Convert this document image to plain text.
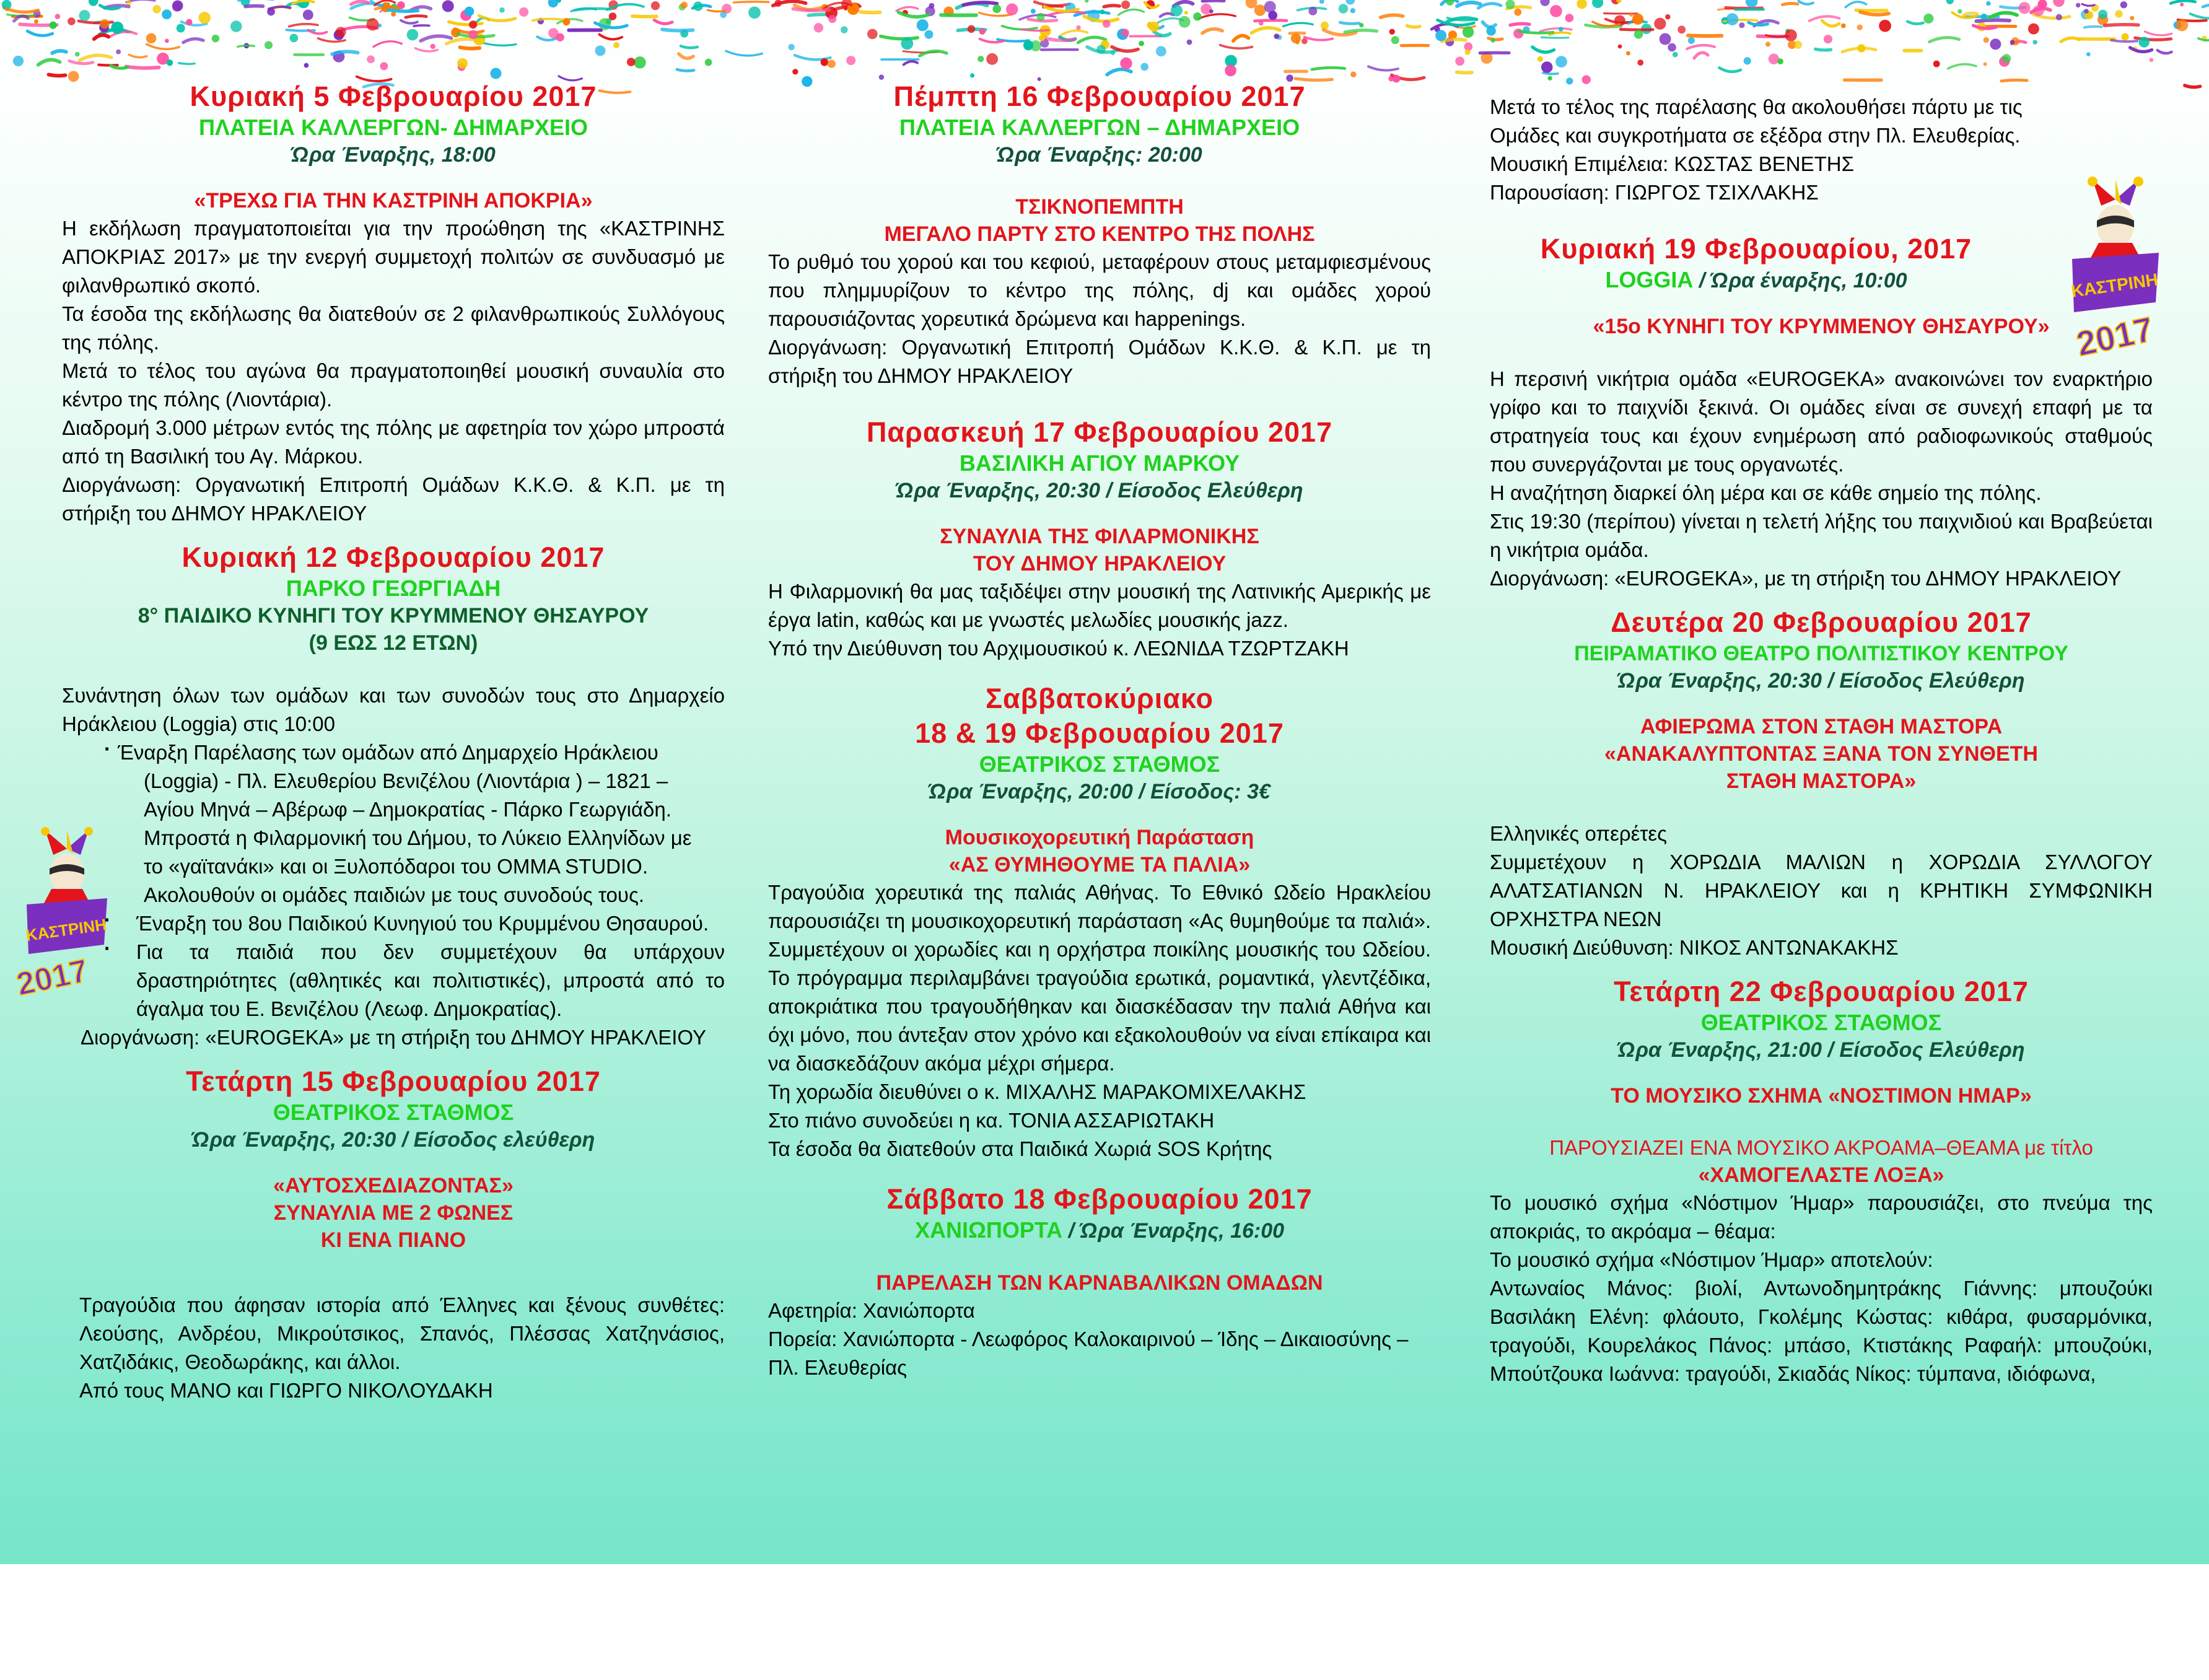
Κυριακή 5 Φεβρουαρίου 2017
ΠΛΑΤΕΙΑ ΚΑΛΛΕΡΓΩΝ- ΔΗΜΑΡΧΕΙΟ
Ώρα Έναρξης, 18:00
«ΤΡΕΧΩ ΓΙΑ ΤΗΝ ΚΑΣΤΡΙΝΗ ΑΠΟΚΡΙΑ»

Η εκδήλωση πραγματοποιείται για την προώθηση της «ΚΑΣΤΡΙΝΗΣ ΑΠΟΚΡΙΑΣ 2017» με την ενεργή συμμετοχή πολιτών σε συνδυασμό με φιλανθρωπικό σκοπό.

Τα έσοδα της εκδήλωσης θα διατεθούν σε 2 φιλανθρωπικούς Συλλόγους της πόλης.

Μετά το τέλος του αγώνα θα πραγματοποιηθεί μουσική συναυλία στο κέντρο της πόλης (Λιοντάρια).

Διαδρομή 3.000 μέτρων εντός της πόλης με αφετηρία τον χώρο μπροστά από τη Βασιλική του Αγ. Μάρκου.

Διοργάνωση: Οργανωτική Επιτροπή Ομάδων Κ.Κ.Θ. & Κ.Π. με τη στήριξη του ΔΗΜΟΥ ΗΡΑΚΛΕΙΟΥ

Κυριακή 12 Φεβρουαρίου 2017
ΠΑΡΚΟ ΓΕΩΡΓΙΑΔΗ
8° ΠΑΙΔΙΚΟ ΚΥΝΗΓΙ ΤΟΥ ΚΡΥΜΜΕΝΟΥ ΘΗΣΑΥΡΟΥ
(9 ΕΩΣ 12 ΕΤΩΝ)

Συνάντηση όλων των ομάδων και των συνοδών τους στο Δημαρχείο Ηράκλειου (Loggia) στις 10:00

· Έναρξη Παρέλασης των ομάδων από Δημαρχείο Ηράκλειου

(Loggia) - Πλ. Ελευθερίου Βενιζέλου (Λιοντάρια ) – 1821 –

Αγίου Μηνά – Αβέρωφ – Δημοκρατίας - Πάρκο Γεωργιάδη.

Μπροστά η Φιλαρμονική του Δήμου, το Λύκειο Ελληνίδων με

το «γαϊτανάκι» και οι Ξυλοπόδαροι του OMMA STUDIO.

Ακολουθούν οι ομάδες παιδιών με τους συνοδούς τους.

· Έναρξη του 8ου Παιδικού Κυνηγιού του Κρυμμένου Θησαυρού.

· Για τα παιδιά που δεν συμμετέχουν θα υπάρχουν δραστηριότητες (αθλητικές και πολιτιστικές), μπροστά από το άγαλμα του Ε. Βενιζέλου (Λεωφ. Δημοκρατίας).

Διοργάνωση: «EUROGEKA» με τη στήριξη του ΔΗΜΟΥ ΗΡΑΚΛΕΙΟΥ

Τετάρτη 15 Φεβρουαρίου 2017
ΘΕΑΤΡΙΚΟΣ ΣΤΑΘΜΟΣ
Ώρα Έναρξης, 20:30 / Είσοδος ελεύθερη
«ΑΥΤΟΣΧΕΔΙΑΖΟΝΤΑΣ»
ΣΥΝΑΥΛΙΑ ΜΕ 2 ΦΩΝΕΣ
ΚΙ ΕΝΑ ΠΙΑΝΟ

Τραγούδια που άφησαν ιστορία από Έλληνες και ξένους συνθέτες: Λεούσης, Ανδρέου, Μικρούτσικος, Σπανός, Πλέσσας Χατζηνάσιος, Χατζιδάκις, Θεοδωράκης, και άλλοι.

Από τους ΜΑΝΟ και ΓΙΩΡΓΟ ΝΙΚΟΛΟΥΔΑΚΗ

ΚΑΣΤΡΙΝΗ
2017
Πέμπτη 16 Φεβρουαρίου 2017
ΠΛΑΤΕΙΑ ΚΑΛΛΕΡΓΩΝ – ΔΗΜΑΡΧΕΙΟ
Ώρα Έναρξης: 20:00
ΤΣΙΚΝΟΠΕΜΠΤΗ
ΜΕΓΑΛΟ ΠΑΡΤΥ ΣΤΟ ΚΕΝΤΡΟ ΤΗΣ ΠΟΛΗΣ

Το ρυθμό του χορού και του κεφιού, μεταφέρουν στους μεταμφιεσμένους που πλημμυρίζουν το κέντρο της πόλης, dj και ομάδες χορού παρουσιάζοντας χορευτικά δρώμενα και happenings.

Διοργάνωση: Οργανωτική Επιτροπή Ομάδων Κ.Κ.Θ. & Κ.Π. με τη στήριξη του ΔΗΜΟΥ ΗΡΑΚΛΕΙΟΥ

Παρασκευή 17 Φεβρουαρίου 2017
ΒΑΣΙΛΙΚΗ ΑΓΙΟΥ ΜΑΡΚΟΥ
Ώρα Έναρξης, 20:30 / Είσοδος Ελεύθερη
ΣΥΝΑΥΛΙΑ ΤΗΣ ΦΙΛΑΡΜΟΝΙΚΗΣ
ΤΟΥ ΔΗΜΟΥ ΗΡΑΚΛΕΙΟΥ

Η Φιλαρμονική θα μας ταξιδέψει στην μουσική της Λατινικής Αμερικής με έργα latin, καθώς και με γνωστές μελωδίες μουσικής jazz.

Υπό την Διεύθυνση του Αρχιμουσικού κ. ΛΕΩΝΙΔΑ ΤΖΩΡΤΖΑΚΗ

Σαββατοκύριακο
18 & 19 Φεβρουαρίου 2017
ΘΕΑΤΡΙΚΟΣ ΣΤΑΘΜΟΣ
Ώρα Έναρξης, 20:00 / Είσοδος: 3€
Μουσικοχορευτική Παράσταση
«ΑΣ ΘΥΜΗΘΟΥΜΕ ΤΑ ΠΑΛΙΑ»

Τραγούδια χορευτικά της παλιάς Αθήνας. Το Εθνικό Ωδείο Ηρακλείου παρουσιάζει τη μουσικοχορευτική παράσταση «Ας θυμηθούμε τα παλιά». Συμμετέχουν οι χορωδίες και η ορχήστρα ποικίλης μουσικής του Ωδείου. Το πρόγραμμα περιλαμβάνει τραγούδια ερωτικά, ρομαντικά, γλεντζέδικα, αποκριάτικα που τραγουδήθηκαν και διασκέδασαν την παλιά Αθήνα και όχι μόνο, που άντεξαν στον χρόνο και εξακολουθούν να είναι επίκαιρα και να διασκεδάζουν ακόμα μέχρι σήμερα.

Τη χορωδία διευθύνει ο κ. ΜΙΧΑΛΗΣ ΜΑΡΑΚΟΜΙΧΕΛΑΚΗΣ

Στο πιάνο συνοδεύει η κα. ΤΟΝΙΑ ΑΣΣΑΡΙΩΤΑΚΗ

Τα έσοδα θα διατεθούν στα Παιδικά Χωριά SOS Κρήτης

Σάββατο 18 Φεβρουαρίου 2017
ΧΑΝΙΩΠΟΡΤΑ / Ώρα Έναρξης, 16:00
ΠΑΡΕΛΑΣΗ ΤΩΝ ΚΑΡΝΑΒΑΛΙΚΩΝ ΟΜΑΔΩΝ

Αφετηρία: Χανιώπορτα

Πορεία: Χανιώπορτα - Λεωφόρος Καλοκαιρινού – Ίδης – Δικαιοσύνης – Πλ. Ελευθερίας

Μετά το τέλος της παρέλασης θα ακολουθήσει πάρτυ με τις Ομάδες και συγκροτήματα σε εξέδρα στην Πλ. Ελευθερίας.

Μουσική Επιμέλεια: ΚΩΣΤΑΣ ΒΕΝΕΤΗΣ

Παρουσίαση: ΓΙΩΡΓΟΣ ΤΣΙΧΛΑΚΗΣ

Κυριακή 19 Φεβρουαρίου, 2017
LOGGIA / Ώρα έναρξης, 10:00
«15ο ΚΥΝΗΓΙ ΤΟΥ ΚΡΥΜΜΕΝΟΥ ΘΗΣΑΥΡΟΥ»

Η περσινή νικήτρια ομάδα «EUROGEKA» ανακοινώνει τον εναρκτήριο γρίφο και το παιχνίδι ξεκινά. Οι ομάδες είναι σε συνεχή επαφή με τα στρατηγεία τους και έχουν ενημέρωση από ραδιοφωνικούς σταθμούς που συνεργάζονται με τους οργανωτές.

Η αναζήτηση διαρκεί όλη μέρα και σε κάθε σημείο της πόλης.

Στις 19:30 (περίπου) γίνεται η τελετή λήξης του παιχνιδιού και Βραβεύεται η νικήτρια ομάδα.

Διοργάνωση: «EUROGEKA», με τη στήριξη του ΔΗΜΟΥ ΗΡΑΚΛΕΙΟΥ

Δευτέρα 20 Φεβρουαρίου 2017
ΠΕΙΡΑΜΑΤΙΚΟ ΘΕΑΤΡΟ ΠΟΛΙΤΙΣΤΙΚΟΥ ΚΕΝΤΡΟΥ
Ώρα Έναρξης, 20:30 / Είσοδος Ελεύθερη
ΑΦΙΕΡΩΜΑ ΣΤΟΝ ΣΤΑΘΗ ΜΑΣΤΟΡΑ
«ΑΝΑΚΑΛΥΠΤΟΝΤΑΣ ΞΑΝΑ ΤΟΝ ΣΥΝΘΕΤΗ
ΣΤΑΘΗ ΜΑΣΤΟΡΑ»

Ελληνικές οπερέτες

Συμμετέχουν η ΧΟΡΩΔΙΑ ΜΑΛΙΩΝ η ΧΟΡΩΔΙΑ ΣΥΛΛΟΓΟΥ ΑΛΑΤΣΑΤΙΑΝΩΝ Ν. ΗΡΑΚΛΕΙΟΥ και η ΚΡΗΤΙΚΗ ΣΥΜΦΩΝΙΚΗ ΟΡΧΗΣΤΡΑ ΝΕΩΝ

Μουσική Διεύθυνση: ΝΙΚΟΣ ΑΝΤΩΝΑΚΑΚΗΣ

Τετάρτη 22 Φεβρουαρίου 2017
ΘΕΑΤΡΙΚΟΣ ΣΤΑΘΜΟΣ
Ώρα Έναρξης, 21:00 / Είσοδος Ελεύθερη
ΤΟ ΜΟΥΣΙΚΟ ΣΧΗΜΑ «ΝΟΣΤΙΜΟΝ ΗΜΑΡ»
ΠΑΡΟΥΣΙΑΖΕΙ ΕΝΑ ΜΟΥΣΙΚΟ ΑΚΡΟΑΜΑ–ΘΕΑΜΑ με τίτλο
«ΧΑΜΟΓΕΛΑΣΤΕ ΛΟΞΑ»

Το μουσικό σχήμα «Νόστιμον Ήμαρ» παρουσιάζει, στο πνεύμα της αποκριάς, το ακρόαμα – θέαμα:

Το μουσικό σχήμα «Νόστιμον Ήμαρ» αποτελούν:

Αντωναίος Μάνος: βιολί, Αντωνοδημητράκης Γιάννης: μπουζούκι Βασιλάκη Ελένη: φλάουτο, Γκολέμης Κώστας: κιθάρα, φυσαρμόνικα, τραγούδι, Κουρελάκος Πάνος: μπάσο, Κτιστάκης Ραφαήλ: μπουζούκι, Μπούτζουκα Ιωάννα: τραγούδι, Σκιαδάς Νίκος: τύμπανα, ιδιόφωνα,

ΚΑΣΤΡΙΝΗ
2017
